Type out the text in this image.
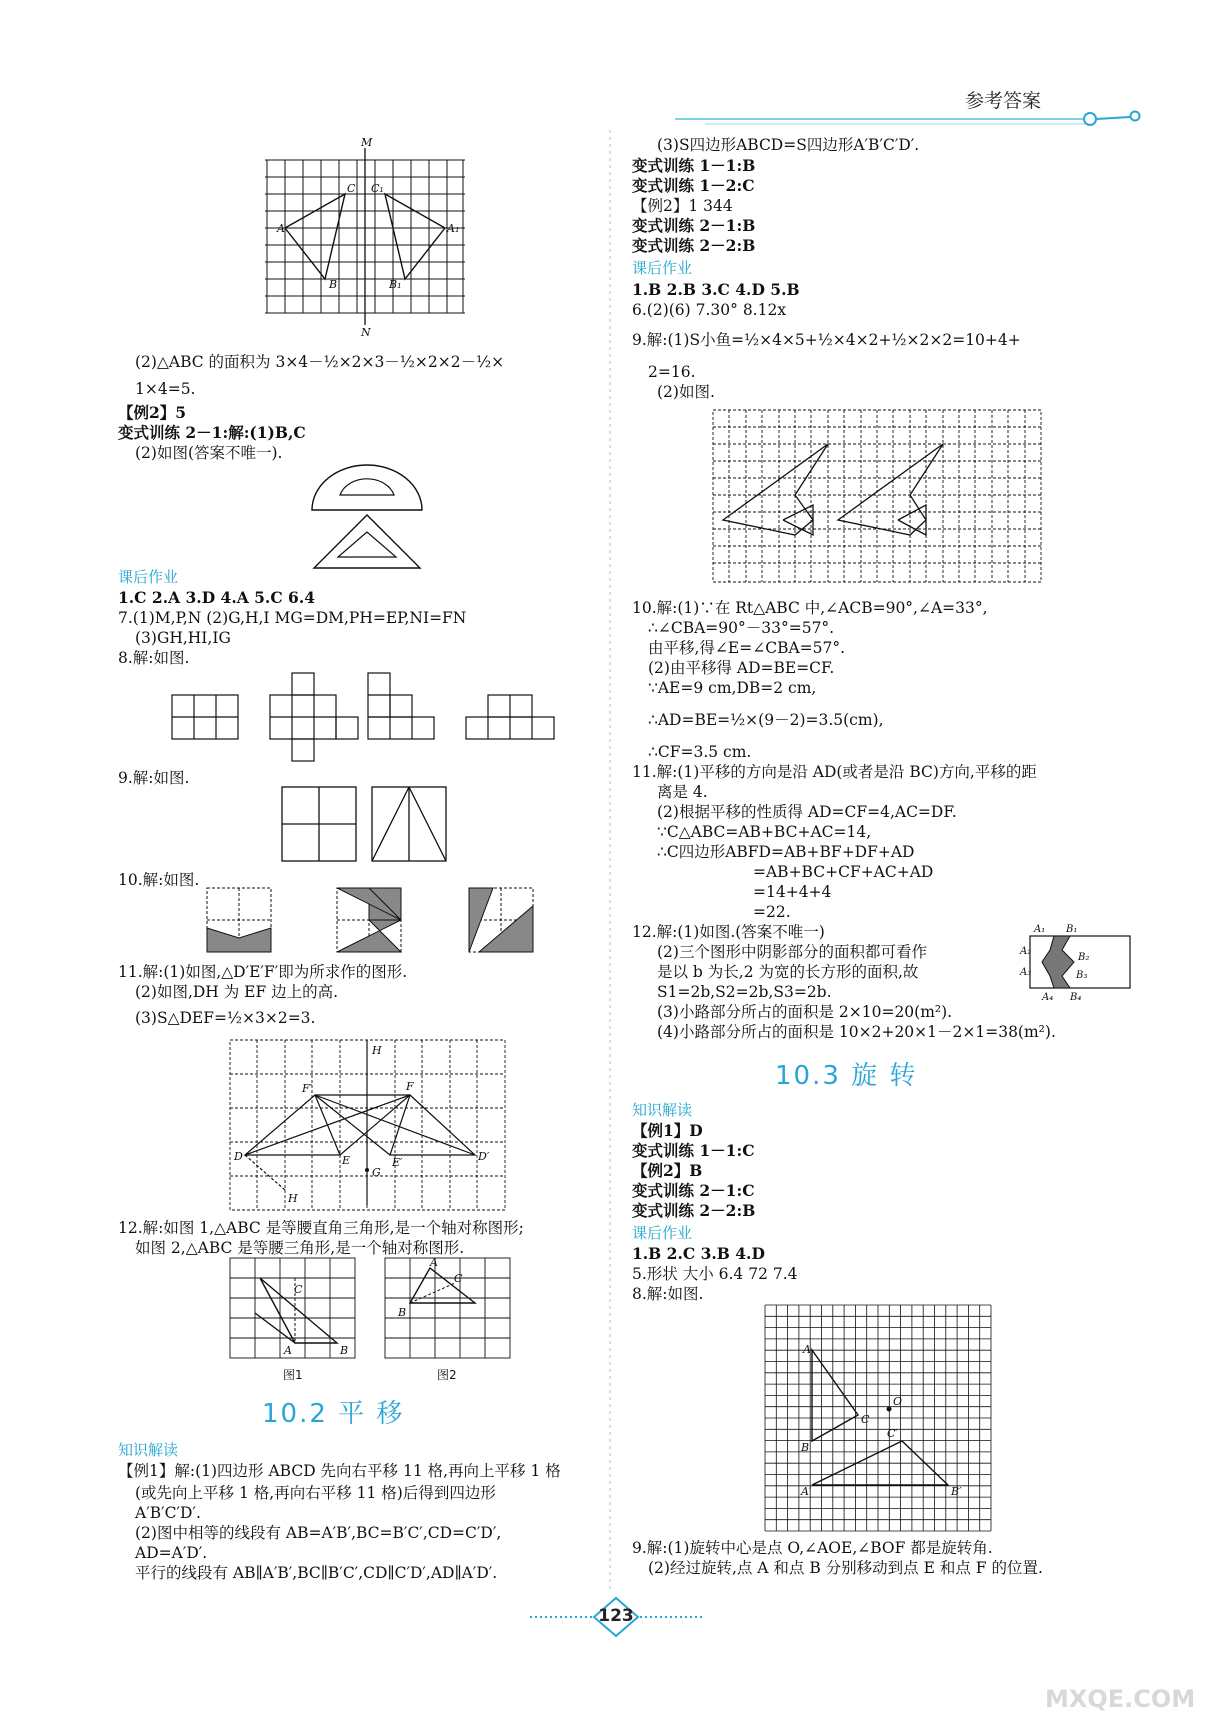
参考答案
M
N
A
C
B
C₁
A₁
B₁
(2)△ABC 的面积为 3×4－½×2×3－½×2×2－½×
1×4=5.
【例2】5
变式训练 2－1:解:(1)B,C
(2)如图(答案不唯一).
课后作业
1.C 2.A 3.D 4.A 5.C 6.4
7.(1)M,P,N (2)G,H,I MG=DM,PH=EP,NI=FN
(3)GH,HI,IG
8.解:如图.
9.解:如图.
10.解:如图.
11.解:(1)如图,△D′E′F′即为所求作的图形.
(2)如图,DH 为 EF 边上的高.
(3)S△DEF=½×3×2=3.
H
F′	F
D	E	E′	D′
G
H
12.解:如图 1,△ABC 是等腰直角三角形,是一个轴对称图形;
如图 2,△ABC 是等腰三角形,是一个轴对称图形.
C
A	B
A
C
B
图1	图2
10.2 平 移
知识解读
【例1】解:(1)四边形 ABCD 先向右平移 11 格,再向上平移 1 格
(或先向上平移 1 格,再向右平移 11 格)后得到四边形
A′B′C′D′.
(2)图中相等的线段有 AB=A′B′,BC=B′C′,CD=C′D′,
AD=A′D′.
平行的线段有 AB∥A′B′,BC∥B′C′,CD∥C′D′,AD∥A′D′.
(3)S四边形ABCD=S四边形A′B′C′D′.
变式训练 1－1:B
变式训练 1－2:C
【例2】1 344
变式训练 2－1:B
变式训练 2－2:B
课后作业
1.B 2.B 3.C 4.D 5.B
6.(2)(6) 7.30° 8.12x
9.解:(1)S小鱼=½×4×5+½×4×2+½×2×2=10+4+
2=16.
(2)如图.
10.解:(1)∵在 Rt△ABC 中,∠ACB=90°,∠A=33°,
∴∠CBA=90°－33°=57°.
由平移,得∠E=∠CBA=57°.
(2)由平移得 AD=BE=CF.
∵AE=9 cm,DB=2 cm,
∴AD=BE=½×(9－2)=3.5(cm),
∴CF=3.5 cm.
11.解:(1)平移的方向是沿 AD(或者是沿 BC)方向,平移的距
离是 4.
(2)根据平移的性质得 AD=CF=4,AC=DF.
∵C△ABC=AB+BC+AC=14,
∴C四边形ABFD=AB+BF+DF+AD
=AB+BC+CF+AC+AD
=14+4+4
=22.
12.解:(1)如图.(答案不唯一)
(2)三个图形中阴影部分的面积都可看作
是以 b 为长,2 为宽的长方形的面积,故
S1=2b,S2=2b,S3=2b.
(3)小路部分所占的面积是 2×10=20(m²).
(4)小路部分所占的面积是 10×2+20×1－2×1=38(m²).
A₁ B₁
A₂
B₂
A₃	B₃
A₄ B₄
10.3 旋 转
知识解读
【例1】D
变式训练 1－1:C
【例2】B
变式训练 2－1:C
变式训练 2－2:B
课后作业
1.B 2.C 3.B 4.D
5.形状 大小 6.4 72 7.4
8.解:如图.
A
C
B
O
C′
A′	B′
9.解:(1)旋转中心是点 O,∠AOE,∠BOF 都是旋转角.
(2)经过旋转,点 A 和点 B 分别移动到点 E 和点 F 的位置.
123
MXQE.COM
